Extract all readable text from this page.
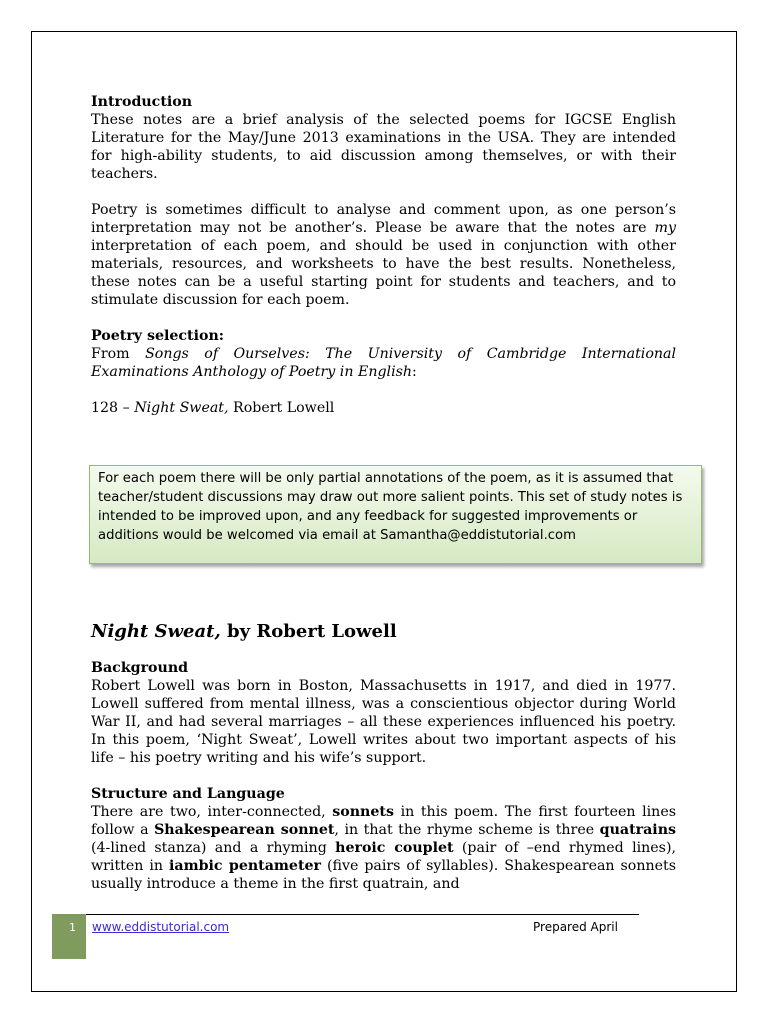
Introduction

These notes are a brief analysis of the selected poems for IGCSE English Literature for the May/June 2013 examinations in the USA. They are intended for high-ability students, to aid discussion among themselves, or with their teachers.

Poetry is sometimes difficult to analyse and comment upon, as one person’s interpretation may not be another’s. Please be aware that the notes are my interpretation of each poem, and should be used in conjunction with other materials, resources, and worksheets to have the best results. Nonetheless, these notes can be a useful starting point for students and teachers, and to stimulate discussion for each poem.

Poetry selection:

From Songs of Ourselves: The University of Cambridge International Examinations Anthology of Poetry in English:

128 – Night Sweat, Robert Lowell

For each poem there will be only partial annotations of the poem, as it is assumed that teacher/student discussions may draw out more salient points. This set of study notes is intended to be improved upon, and any feedback for suggested improvements or additions would be welcomed via email at Samantha@eddistutorial.com
Night Sweat, by Robert Lowell

Background

Robert Lowell was born in Boston, Massachusetts in 1917, and died in 1977. Lowell suffered from mental illness, was a conscientious objector during World War II, and had several marriages – all these experiences influenced his poetry. In this poem, ‘Night Sweat’, Lowell writes about two important aspects of his life – his poetry writing and his wife’s support.

Structure and Language

There are two, inter-connected, sonnets in this poem. The first fourteen lines follow a Shakespearean sonnet, in that the rhyme scheme is three quatrains (4-lined stanza) and a rhyming heroic couplet (pair of –end rhymed lines), written in iambic pentameter (five pairs of syllables). Shakespearean sonnets usually introduce a theme in the first quatrain, and

1 www.eddistutorial.com	Prepared April
